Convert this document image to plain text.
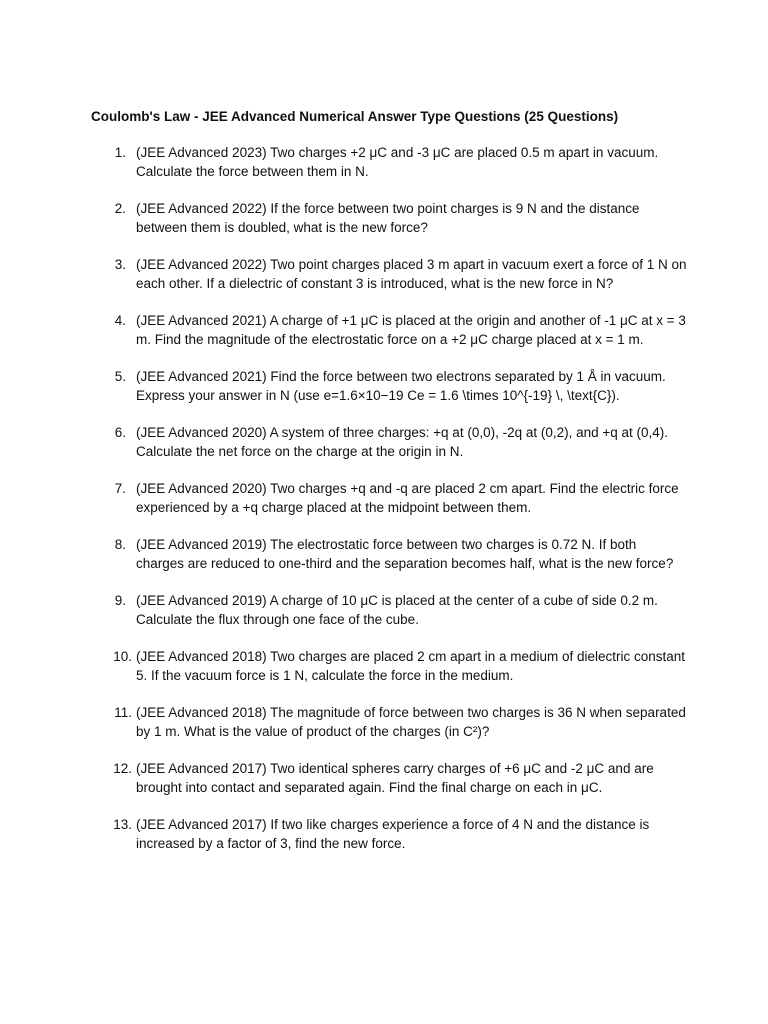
Coulomb's Law - JEE Advanced Numerical Answer Type Questions (25 Questions)
1. (JEE Advanced 2023) Two charges +2 μC and -3 μC are placed 0.5 m apart in vacuum. Calculate the force between them in N.
2. (JEE Advanced 2022) If the force between two point charges is 9 N and the distance between them is doubled, what is the new force?
3. (JEE Advanced 2022) Two point charges placed 3 m apart in vacuum exert a force of 1 N on each other. If a dielectric of constant 3 is introduced, what is the new force in N?
4. (JEE Advanced 2021) A charge of +1 μC is placed at the origin and another of -1 μC at x = 3 m. Find the magnitude of the electrostatic force on a +2 μC charge placed at x = 1 m.
5. (JEE Advanced 2021) Find the force between two electrons separated by 1 Å in vacuum. Express your answer in N (use e=1.6×10−19 Ce = 1.6 \times 10^{-19} \, \text{C}).
6. (JEE Advanced 2020) A system of three charges: +q at (0,0), -2q at (0,2), and +q at (0,4). Calculate the net force on the charge at the origin in N.
7. (JEE Advanced 2020) Two charges +q and -q are placed 2 cm apart. Find the electric force experienced by a +q charge placed at the midpoint between them.
8. (JEE Advanced 2019) The electrostatic force between two charges is 0.72 N. If both charges are reduced to one-third and the separation becomes half, what is the new force?
9. (JEE Advanced 2019) A charge of 10 μC is placed at the center of a cube of side 0.2 m. Calculate the flux through one face of the cube.
10. (JEE Advanced 2018) Two charges are placed 2 cm apart in a medium of dielectric constant 5. If the vacuum force is 1 N, calculate the force in the medium.
11. (JEE Advanced 2018) The magnitude of force between two charges is 36 N when separated by 1 m. What is the value of product of the charges (in C²)?
12. (JEE Advanced 2017) Two identical spheres carry charges of +6 μC and -2 μC and are brought into contact and separated again. Find the final charge on each in μC.
13. (JEE Advanced 2017) If two like charges experience a force of 4 N and the distance is increased by a factor of 3, find the new force.
